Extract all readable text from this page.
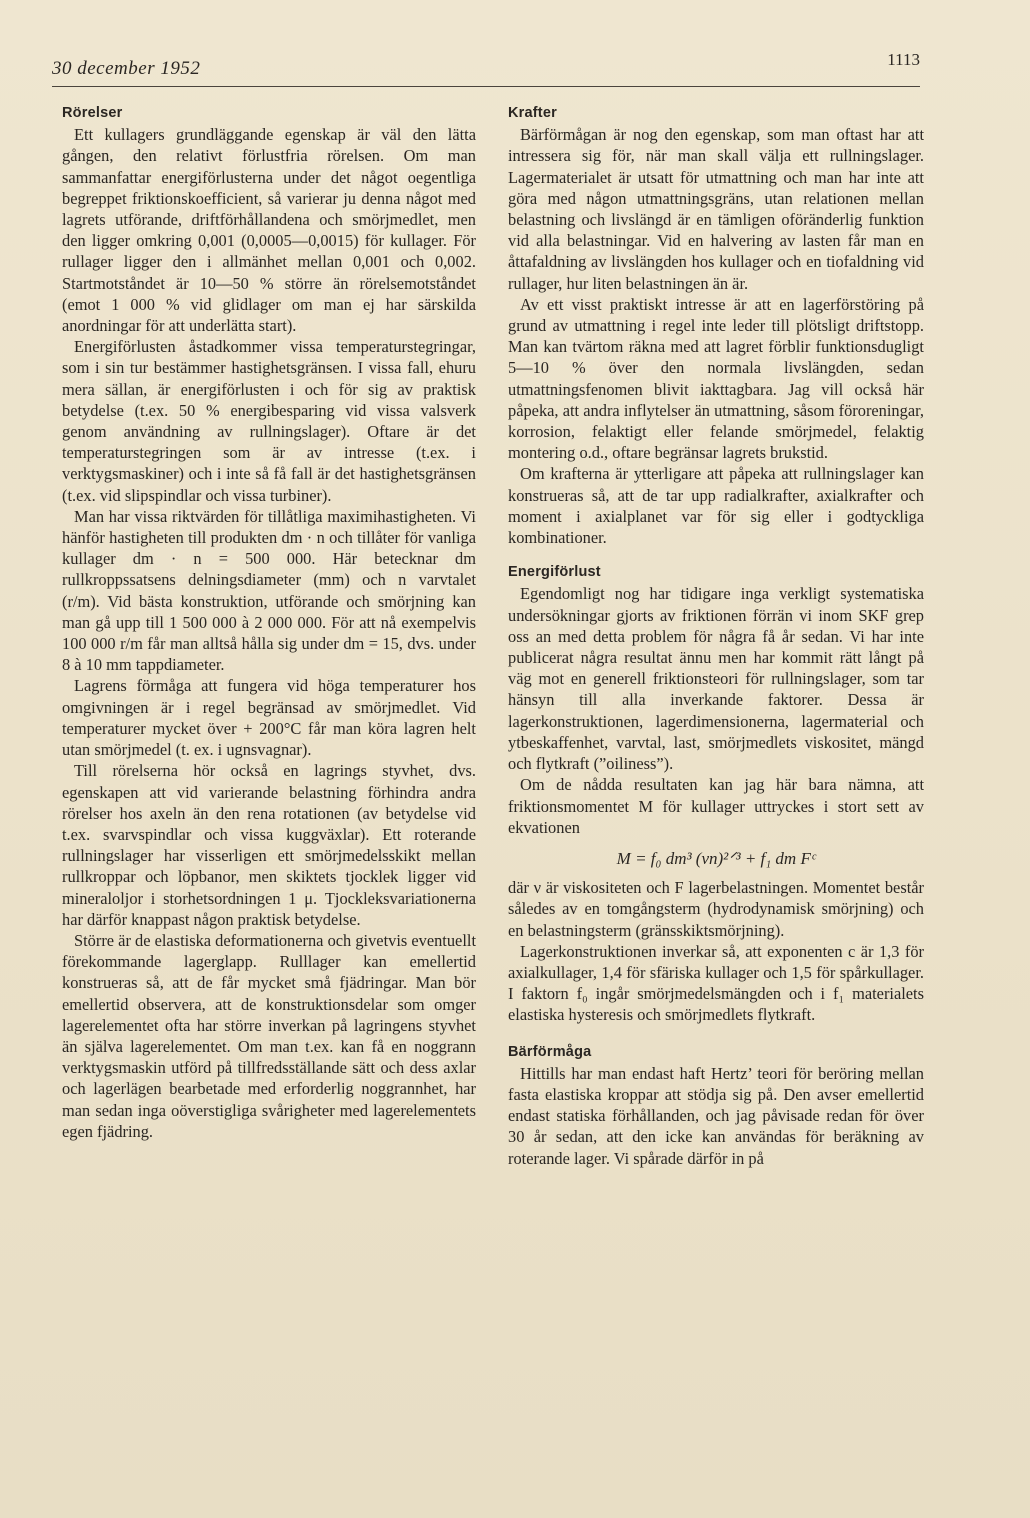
30 december 1952	1113
Rörelser

Ett kullagers grundläggande egenskap är väl den lätta gången, den relativt förlustfria rörelsen. Om man sammanfattar energiförlusterna under det något oegentliga begreppet friktionskoefficient, så varierar ju denna något med lagrets utförande, driftförhållandena och smörjmedlet, men den ligger omkring 0,001 (0,0005—0,0015) för kullager. För rullager ligger den i allmänhet mellan 0,001 och 0,002. Startmotståndet är 10—50 % större än rörelsemotståndet (emot 1 000 % vid glidlager om man ej har särskilda anordningar för att underlätta start).

Energiförlusten åstadkommer vissa temperaturstegringar, som i sin tur bestämmer hastighetsgränsen. I vissa fall, ehuru mera sällan, är energiförlusten i och för sig av praktisk betydelse (t.ex. 50 % energibesparing vid vissa valsverk genom användning av rullningslager). Oftare är det temperaturstegringen som är av intresse (t.ex. i verktygsmaskiner) och i inte så få fall är det hastighetsgränsen (t.ex. vid slipspindlar och vissa turbiner).

Man har vissa riktvärden för tillåtliga maximihastigheten. Vi hänför hastigheten till produkten dm · n och tillåter för vanliga kullager dm · n = 500 000. Här betecknar dm rullkroppssatsens delningsdiameter (mm) och n varvtalet (r/m). Vid bästa konstruktion, utförande och smörjning kan man gå upp till 1 500 000 à 2 000 000. För att nå exempelvis 100 000 r/m får man alltså hålla sig under dm = 15, dvs. under 8 à 10 mm tappdiameter.

Lagrens förmåga att fungera vid höga temperaturer hos omgivningen är i regel begränsad av smörjmedlet. Vid temperaturer mycket över + 200°C får man köra lagren helt utan smörjmedel (t. ex. i ugnsvagnar).

Till rörelserna hör också en lagrings styvhet, dvs. egenskapen att vid varierande belastning förhindra andra rörelser hos axeln än den rena rotationen (av betydelse vid t.ex. svarvspindlar och vissa kuggväxlar). Ett roterande rullningslager har visserligen ett smörjmedelsskikt mellan rullkroppar och löpbanor, men skiktets tjocklek ligger vid mineraloljor i storhetsordningen 1 μ. Tjockleksvariationerna har därför knappast någon praktisk betydelse.

Större är de elastiska deformationerna och givetvis eventuellt förekommande lagerglapp. Rulllager kan emellertid konstrueras så, att de får mycket små fjädringar. Man bör emellertid observera, att de konstruktionsdelar som omger lagerelementet ofta har större inverkan på lagringens styvhet än själva lagerelementet. Om man t.ex. kan få en noggrann verktygsmaskin utförd på tillfredsställande sätt och dess axlar och lagerlägen bearbetade med erforderlig noggrannhet, har man sedan inga oöverstigliga svårigheter med lagerelementets egen fjädring.

Krafter

Bärförmågan är nog den egenskap, som man oftast har att intressera sig för, när man skall välja ett rullningslager. Lagermaterialet är utsatt för utmattning och man har inte att göra med någon utmattningsgräns, utan relationen mellan belastning och livslängd är en tämligen oföränderlig funktion vid alla belastningar. Vid en halvering av lasten får man en åttafaldning av livslängden hos kullager och en tiofaldning vid rullager, hur liten belastningen än är.

Av ett visst praktiskt intresse är att en lagerförstöring på grund av utmattning i regel inte leder till plötsligt driftstopp. Man kan tvärtom räkna med att lagret förblir funktionsdugligt 5—10 % över den normala livslängden, sedan utmattningsfenomen blivit iakttagbara. Jag vill också här påpeka, att andra inflytelser än utmattning, såsom föroreningar, korrosion, felaktigt eller felande smörjmedel, felaktig montering o.d., oftare begränsar lagrets brukstid.

Om krafterna är ytterligare att påpeka att rullningslager kan konstrueras så, att de tar upp radialkrafter, axialkrafter och moment i axialplanet var för sig eller i godtyckliga kombinationer.

Energiförlust

Egendomligt nog har tidigare inga verkligt systematiska undersökningar gjorts av friktionen förrän vi inom SKF grep oss an med detta problem för några få år sedan. Vi har inte publicerat några resultat ännu men har kommit rätt långt på väg mot en generell friktionsteori för rullningslager, som tar hänsyn till alla inverkande faktorer. Dessa är lagerkonstruktionen, lagerdimensionerna, lagermaterial och ytbeskaffenhet, varvtal, last, smörjmedlets viskositet, mängd och flytkraft (”oiliness”).

Om de nådda resultaten kan jag här bara nämna, att friktionsmomentet M för kullager uttryckes i stort sett av ekvationen

M = f₀ dm³ (νn)²ᐟ³ + f₁ dm Fᶜ

där ν är viskositeten och F lagerbelastningen. Momentet består således av en tomgångsterm (hydrodynamisk smörjning) och en belastningsterm (gränsskiktsmörjning).

Lagerkonstruktionen inverkar så, att exponenten c är 1,3 för axialkullager, 1,4 för sfäriska kullager och 1,5 för spårkullager. I faktorn f₀ ingår smörjmedelsmängden och i f₁ materialets elastiska hysteresis och smörjmedlets flytkraft.

Bärförmåga

Hittills har man endast haft Hertz’ teori för beröring mellan fasta elastiska kroppar att stödja sig på. Den avser emellertid endast statiska förhållanden, och jag påvisade redan för över 30 år sedan, att den icke kan användas för beräkning av roterande lager. Vi spårade därför in på
